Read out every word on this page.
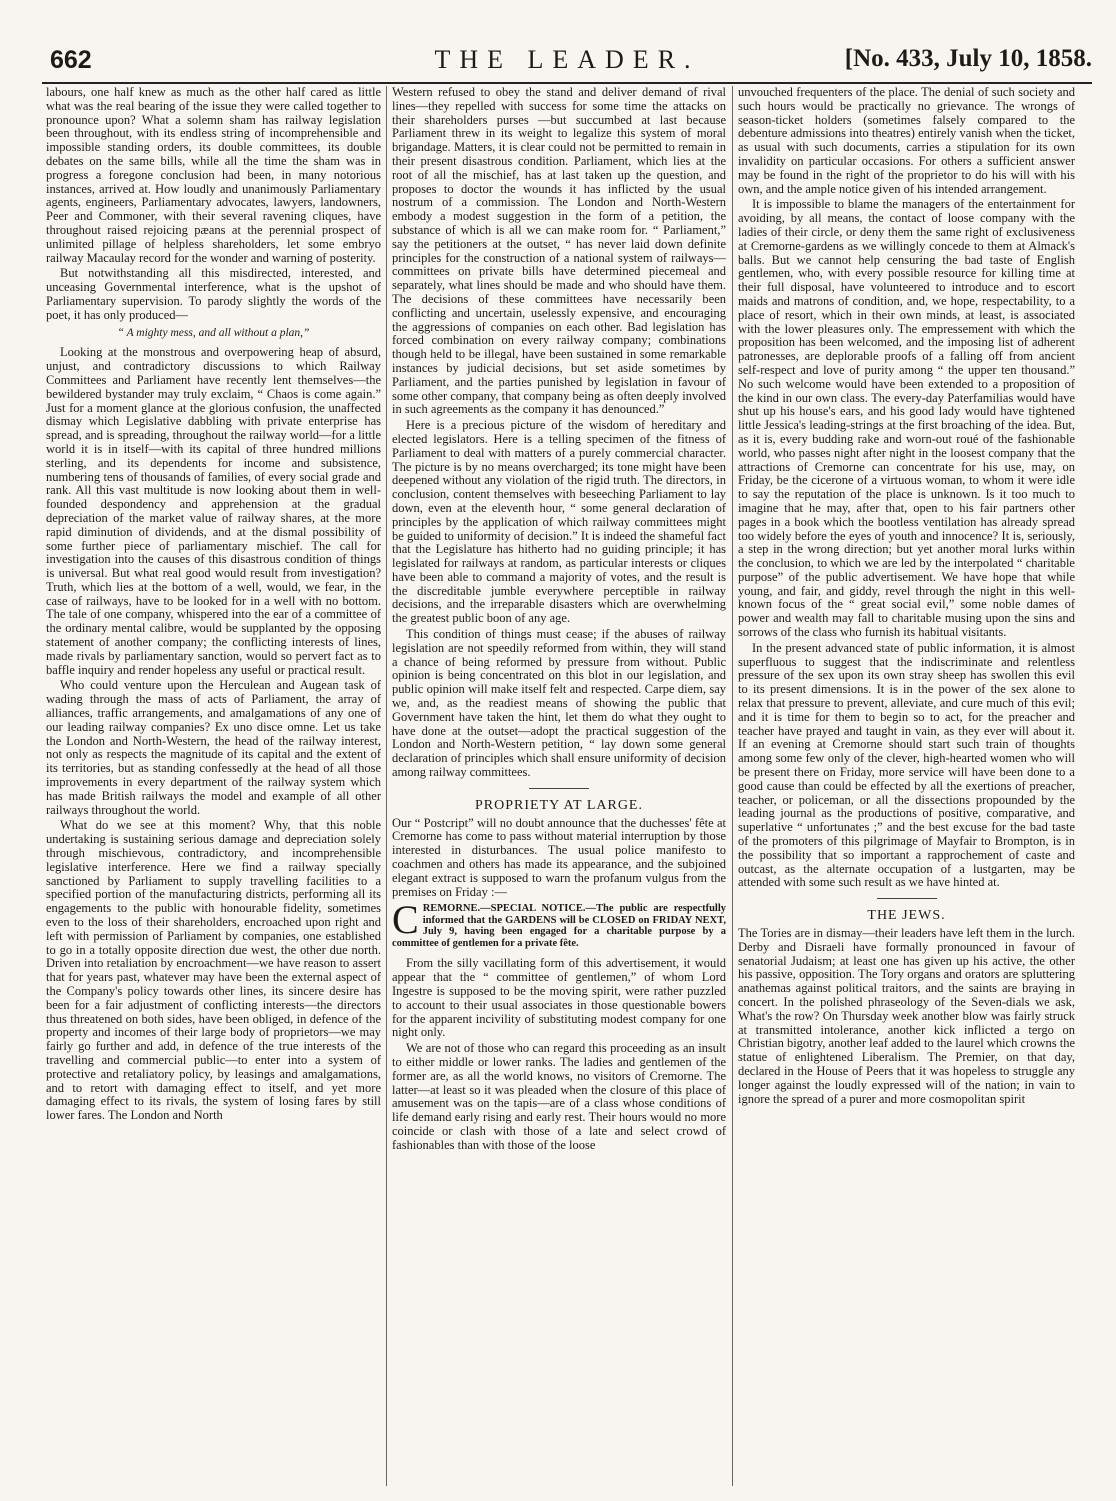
662	THE LEADER.	[No. 433, July 10, 1858.

labours, one half knew as much as the other half cared as little what was the real bearing of the issue they were called together to pronounce upon? What a solemn sham has railway legislation been throughout, with its endless string of incomprehensible and impossible standing orders, its double committees, its double debates on the same bills, while all the time the sham was in progress a foregone conclusion had been, in many notorious instances, arrived at. How loudly and unanimously Parliamentary agents, engineers, Parliamentary advocates, lawyers, landowners, Peer and Commoner, with their several ravening cliques, have throughout raised rejoicing pæans at the perennial prospect of unlimited pillage of helpless shareholders, let some embryo railway Macaulay record for the wonder and warning of posterity.

But notwithstanding all this misdirected, interested, and unceasing Governmental interference, what is the upshot of Parliamentary supervision. To parody slightly the words of the poet, it has only produced—

“ A mighty mess, and all without a plan,”

Looking at the monstrous and overpowering heap of absurd, unjust, and contradictory discussions to which Railway Committees and Parliament have recently lent themselves—the bewildered bystander may truly exclaim, “ Chaos is come again.” Just for a moment glance at the glorious confusion, the unaffected dismay which Legislative dabbling with private enterprise has spread, and is spreading, throughout the railway world—for a little world it is in itself—with its capital of three hundred millions sterling, and its dependents for income and subsistence, numbering tens of thousands of families, of every social grade and rank. All this vast multitude is now looking about them in well-founded despondency and apprehension at the gradual depreciation of the market value of railway shares, at the more rapid diminution of dividends, and at the dismal possibility of some further piece of parliamentary mischief. The call for investigation into the causes of this disastrous condition of things is universal. But what real good would result from investigation? Truth, which lies at the bottom of a well, would, we fear, in the case of railways, have to be looked for in a well with no bottom. The tale of one company, whispered into the ear of a committee of the ordinary mental calibre, would be supplanted by the opposing statement of another company; the conflicting interests of lines, made rivals by parliamentary sanction, would so pervert fact as to baffle inquiry and render hopeless any useful or practical result.

Who could venture upon the Herculean and Augean task of wading through the mass of acts of Parliament, the array of alliances, traffic arrangements, and amalgamations of any one of our leading railway companies? Ex uno disce omne. Let us take the London and North-Western, the head of the railway interest, not only as respects the magnitude of its capital and the extent of its territories, but as standing confessedly at the head of all those improvements in every department of the railway system which has made British railways the model and example of all other railways throughout the world.

What do we see at this moment? Why, that this noble undertaking is sustaining serious damage and depreciation solely through mischievous, contradictory, and incomprehensible legislative interference. Here we find a railway specially sanctioned by Parliament to supply travelling facilities to a specified portion of the manufacturing districts, performing all its engagements to the public with honourable fidelity, sometimes even to the loss of their shareholders, encroached upon right and left with permission of Parliament by companies, one established to go in a totally opposite direction due west, the other due north. Driven into retaliation by encroachment—we have reason to assert that for years past, whatever may have been the external aspect of the Company's policy towards other lines, its sincere desire has been for a fair adjustment of conflicting interests—the directors thus threatened on both sides, have been obliged, in defence of the property and incomes of their large body of proprietors—we may fairly go further and add, in defence of the true interests of the travelling and commercial public—to enter into a system of protective and retaliatory policy, by leasings and amalgamations, and to retort with damaging effect to itself, and yet more damaging effect to its rivals, the system of losing fares by still lower fares. The London and North

Western refused to obey the stand and deliver demand of rival lines—they repelled with success for some time the attacks on their shareholders purses —but succumbed at last because Parliament threw in its weight to legalize this system of moral brigandage. Matters, it is clear could not be permitted to remain in their present disastrous condition. Parliament, which lies at the root of all the mischief, has at last taken up the question, and proposes to doctor the wounds it has inflicted by the usual nostrum of a commission. The London and North-Western embody a modest suggestion in the form of a petition, the substance of which is all we can make room for. “ Parliament,” say the petitioners at the outset, “ has never laid down definite principles for the construction of a national system of railways—committees on private bills have determined piecemeal and separately, what lines should be made and who should have them. The decisions of these committees have necessarily been conflicting and uncertain, uselessly expensive, and encouraging the aggressions of companies on each other. Bad legislation has forced combination on every railway company; combinations though held to be illegal, have been sustained in some remarkable instances by judicial decisions, but set aside sometimes by Parliament, and the parties punished by legislation in favour of some other company, that company being as often deeply involved in such agreements as the company it has denounced.”

Here is a precious picture of the wisdom of hereditary and elected legislators. Here is a telling specimen of the fitness of Parliament to deal with matters of a purely commercial character. The picture is by no means overcharged; its tone might have been deepened without any violation of the rigid truth. The directors, in conclusion, content themselves with beseeching Parliament to lay down, even at the eleventh hour, “ some general declaration of principles by the application of which railway committees might be guided to uniformity of decision.” It is indeed the shameful fact that the Legislature has hitherto had no guiding principle; it has legislated for railways at random, as particular interests or cliques have been able to command a majority of votes, and the result is the discreditable jumble everywhere perceptible in railway decisions, and the irreparable disasters which are overwhelming the greatest public boon of any age.

This condition of things must cease; if the abuses of railway legislation are not speedily reformed from within, they will stand a chance of being reformed by pressure from without. Public opinion is being concentrated on this blot in our legislation, and public opinion will make itself felt and respected. Carpe diem, say we, and, as the readiest means of showing the public that Government have taken the hint, let them do what they ought to have done at the outset—adopt the practical suggestion of the London and North-Western petition, “ lay down some general declaration of principles which shall ensure uniformity of decision among railway committees.

PROPRIETY AT LARGE.

Our “ Postcript” will no doubt announce that the duchesses' fête at Cremorne has come to pass without material interruption by those interested in disturbances. The usual police manifesto to coachmen and others has made its appearance, and the subjoined elegant extract is supposed to warn the profanum vulgus from the premises on Friday :—

C REMORNE.—SPECIAL NOTICE.—The public are respectfully informed that the GARDENS will be CLOSED on FRIDAY NEXT, July 9, having been engaged for a charitable purpose by a committee of gentlemen for a private fête.

From the silly vacillating form of this advertisement, it would appear that the “ committee of gentlemen,” of whom Lord Ingestre is supposed to be the moving spirit, were rather puzzled to account to their usual associates in those questionable bowers for the apparent incivility of substituting modest company for one night only.

We are not of those who can regard this proceeding as an insult to either middle or lower ranks. The ladies and gentlemen of the former are, as all the world knows, no visitors of Cremorne. The latter—at least so it was pleaded when the closure of this place of amusement was on the tapis—are of a class whose conditions of life demand early rising and early rest. Their hours would no more coincide or clash with those of a late and select crowd of fashionables than with those of the loose

unvouched frequenters of the place. The denial of such society and such hours would be practically no grievance. The wrongs of season-ticket holders (sometimes falsely compared to the debenture admissions into theatres) entirely vanish when the ticket, as usual with such documents, carries a stipulation for its own invalidity on particular occasions. For others a sufficient answer may be found in the right of the proprietor to do his will with his own, and the ample notice given of his intended arrangement.

It is impossible to blame the managers of the entertainment for avoiding, by all means, the contact of loose company with the ladies of their circle, or deny them the same right of exclusiveness at Cremorne-gardens as we willingly concede to them at Almack's balls. But we cannot help censuring the bad taste of English gentlemen, who, with every possible resource for killing time at their full disposal, have volunteered to introduce and to escort maids and matrons of condition, and, we hope, respectability, to a place of resort, which in their own minds, at least, is associated with the lower pleasures only. The empressement with which the proposition has been welcomed, and the imposing list of adherent patronesses, are deplorable proofs of a falling off from ancient self-respect and love of purity among “ the upper ten thousand.” No such welcome would have been extended to a proposition of the kind in our own class. The every-day Paterfamilias would have shut up his house's ears, and his good lady would have tightened little Jessica's leading-strings at the first broaching of the idea. But, as it is, every budding rake and worn-out roué of the fashionable world, who passes night after night in the loosest company that the attractions of Cremorne can concentrate for his use, may, on Friday, be the cicerone of a virtuous woman, to whom it were idle to say the reputation of the place is unknown. Is it too much to imagine that he may, after that, open to his fair partners other pages in a book which the bootless ventilation has already spread too widely before the eyes of youth and innocence? It is, seriously, a step in the wrong direction; but yet another moral lurks within the conclusion, to which we are led by the interpolated “ charitable purpose” of the public advertisement. We have hope that while young, and fair, and giddy, revel through the night in this well-known focus of the “ great social evil,” some noble dames of power and wealth may fall to charitable musing upon the sins and sorrows of the class who furnish its habitual visitants.

In the present advanced state of public information, it is almost superfluous to suggest that the indiscriminate and relentless pressure of the sex upon its own stray sheep has swollen this evil to its present dimensions. It is in the power of the sex alone to relax that pressure to prevent, alleviate, and cure much of this evil; and it is time for them to begin so to act, for the preacher and teacher have prayed and taught in vain, as they ever will about it. If an evening at Cremorne should start such train of thoughts among some few only of the clever, high-hearted women who will be present there on Friday, more service will have been done to a good cause than could be effected by all the exertions of preacher, teacher, or policeman, or all the dissections propounded by the leading journal as the productions of positive, comparative, and superlative “ unfortunates ;” and the best excuse for the bad taste of the promoters of this pilgrimage of Mayfair to Brompton, is in the possibility that so important a rapprochement of caste and outcast, as the alternate occupation of a lustgarten, may be attended with some such result as we have hinted at.

THE JEWS.

The Tories are in dismay—their leaders have left them in the lurch. Derby and Disraeli have formally pronounced in favour of senatorial Judaism; at least one has given up his active, the other his passive, opposition. The Tory organs and orators are spluttering anathemas against political traitors, and the saints are braying in concert. In the polished phraseology of the Seven-dials we ask, What's the row? On Thursday week another blow was fairly struck at transmitted intolerance, another kick inflicted a tergo on Christian bigotry, another leaf added to the laurel which crowns the statue of enlightened Liberalism. The Premier, on that day, declared in the House of Peers that it was hopeless to struggle any longer against the loudly expressed will of the nation; in vain to ignore the spread of a purer and more cosmopolitan spirit
